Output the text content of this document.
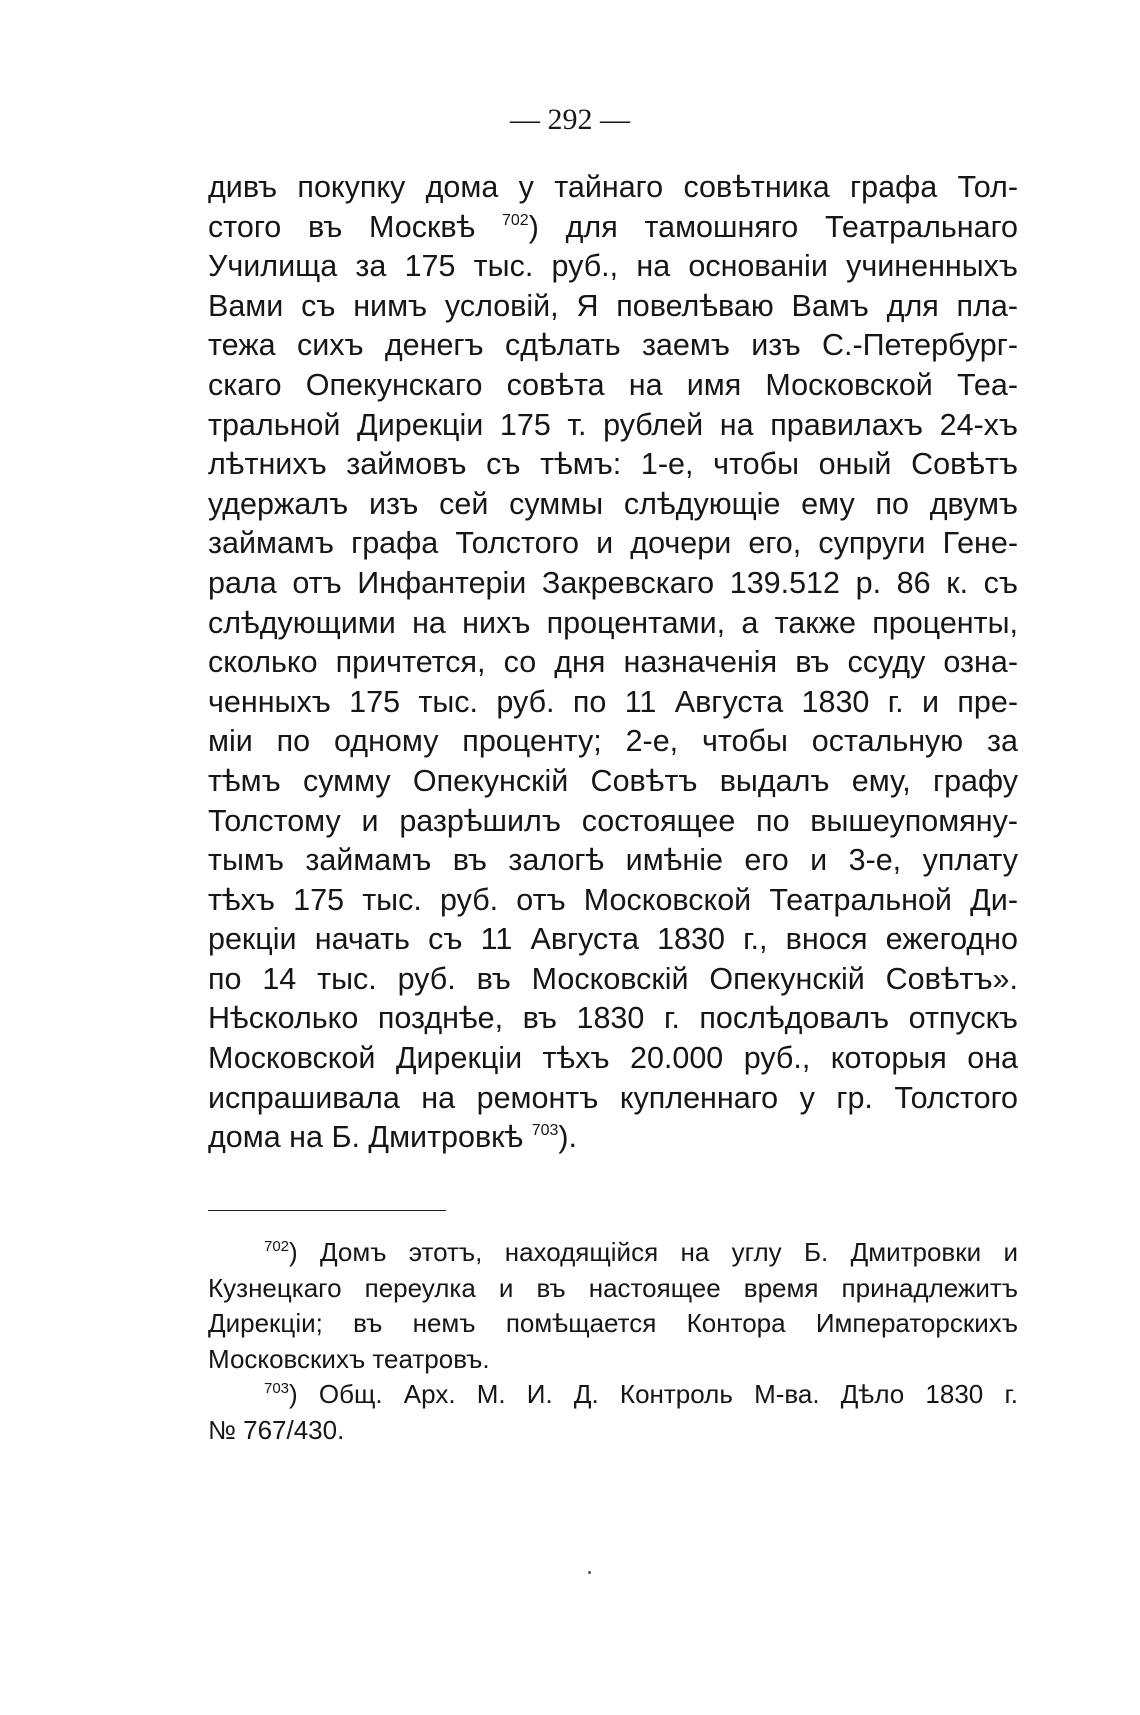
— 292 —
дивъ покупку дома у тайнаго совѣтника графа Тол-
стого въ Москвѣ $^{702}$) для тамошняго Театральнаго
Училища за 175 тыс. руб., на основанiи учиненныхъ
Вами съ нимъ условiй, Я повелѣваю Вамъ для пла-
тежа сихъ денегъ сдѣлать заемъ изъ С.-Петербург-
скаго Опекунскаго совѣта на имя Московской Теа-
тральной Дирекцiи 175 т. рублей на правилахъ 24-хъ
лѣтнихъ займовъ съ тѣмъ: 1-е, чтобы оный Совѣтъ
удержалъ изъ сей суммы слѣдующiе ему по двумъ
займамъ графа Толстого и дочери его, супруги Гене-
рала отъ Инфантерiи Закревскаго 139.512 р. 86 к. съ
слѣдующими на нихъ процентами, а также проценты,
сколько причтется, со дня назначенiя въ ссуду озна-
ченныхъ 175 тыс. руб. по 11 Августа 1830 г. и пре-
мiи по одному проценту; 2-е, чтобы остальную за
тѣмъ сумму Опекунскiй Совѣтъ выдалъ ему, графу
Толстому и разрѣшилъ состоящее по вышеупомяну-
тымъ займамъ въ залогѣ имѣнiе его и 3-е, уплату
тѣхъ 175 тыс. руб. отъ Московской Театральной Ди-
рекцiи начать съ 11 Августа 1830 г., внося ежегодно
по 14 тыс. руб. въ Московскiй Опекунскiй Совѣтъ».
Нѣсколько позднѣе, въ 1830 г. послѣдовалъ отпускъ
Московской Дирекцiи тѣхъ 20.000 руб., которыя она
испрашивала на ремонтъ купленнаго у гр. Толстого
дома на Б. Дмитровкѣ $^{703}$).
$^{702}$) Домъ этотъ, находящiйся на углу Б. Дмитровки и
Кузнецкаго переулка и въ настоящее время принадлежитъ
Дирекцiи; въ немъ помѣщается Контора Императорскихъ
Московскихъ театровъ.
$^{703}$) Общ. Арх. М. И. Д. Контроль М-ва. Дѣло 1830 г.
№ 767/430.
